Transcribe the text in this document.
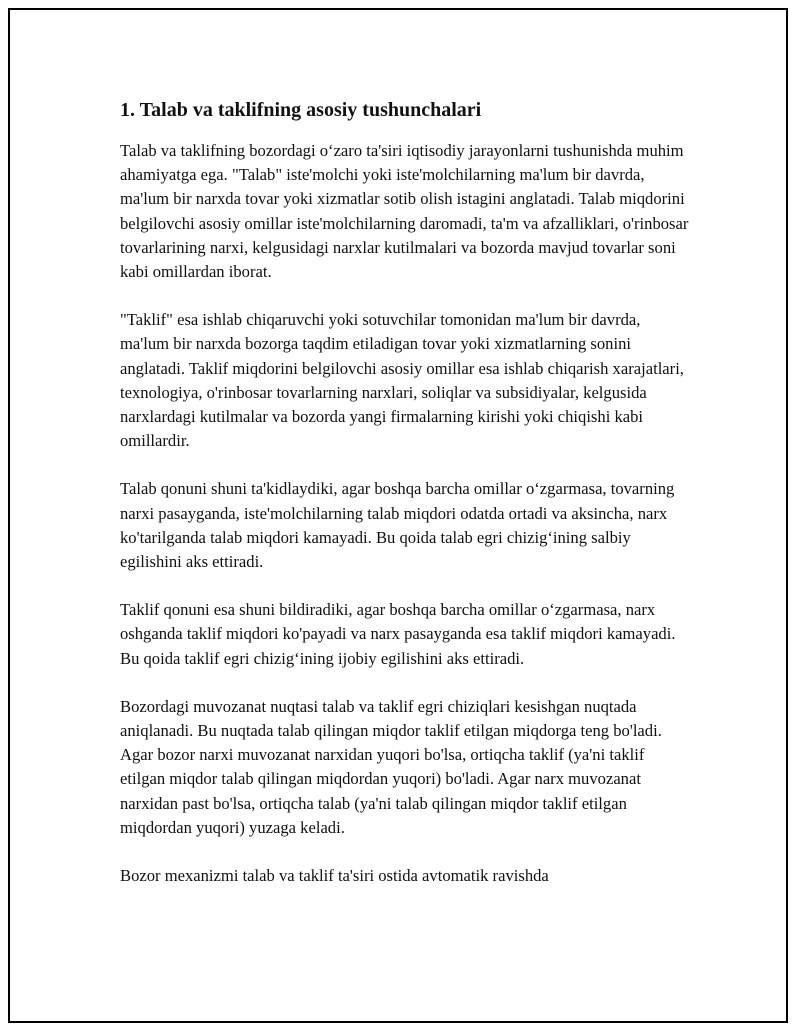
1. Talab va taklifning asosiy tushunchalari

Talab va taklifning bozordagi o‘zaro ta'siri iqtisodiy jarayonlarni tushunishda muhim ahamiyatga ega. "Talab" iste'molchi yoki iste'molchilarning ma'lum bir davrda, ma'lum bir narxda tovar yoki xizmatlar sotib olish istagini anglatadi. Talab miqdorini belgilovchi asosiy omillar iste'molchilarning daromadi, ta'm va afzalliklari, o'rinbosar tovarlarining narxi, kelgusidagi narxlar kutilmalari va bozorda mavjud tovarlar soni kabi omillardan iborat.

"Taklif" esa ishlab chiqaruvchi yoki sotuvchilar tomonidan ma'lum bir davrda, ma'lum bir narxda bozorga taqdim etiladigan tovar yoki xizmatlarning sonini anglatadi. Taklif miqdorini belgilovchi asosiy omillar esa ishlab chiqarish xarajatlari, texnologiya, o'rinbosar tovarlarning narxlari, soliqlar va subsidiyalar, kelgusida narxlardagi kutilmalar va bozorda yangi firmalarning kirishi yoki chiqishi kabi omillardir.

Talab qonuni shuni ta'kidlaydiki, agar boshqa barcha omillar o‘zgarmasa, tovarning narxi pasayganda, iste'molchilarning talab miqdori odatda ortadi va aksincha, narx ko'tarilganda talab miqdori kamayadi. Bu qoida talab egri chizig‘ining salbiy egilishini aks ettiradi.

Taklif qonuni esa shuni bildiradiki, agar boshqa barcha omillar o‘zgarmasa, narx oshganda taklif miqdori ko'payadi va narx pasayganda esa taklif miqdori kamayadi. Bu qoida taklif egri chizig‘ining ijobiy egilishini aks ettiradi.

Bozordagi muvozanat nuqtasi talab va taklif egri chiziqlari kesishgan nuqtada aniqlanadi. Bu nuqtada talab qilingan miqdor taklif etilgan miqdorga teng bo'ladi. Agar bozor narxi muvozanat narxidan yuqori bo'lsa, ortiqcha taklif (ya'ni taklif etilgan miqdor talab qilingan miqdordan yuqori) bo'ladi. Agar narx muvozanat narxidan past bo'lsa, ortiqcha talab (ya'ni talab qilingan miqdor taklif etilgan miqdordan yuqori) yuzaga keladi.

Bozor mexanizmi talab va taklif ta'siri ostida avtomatik ravishda
